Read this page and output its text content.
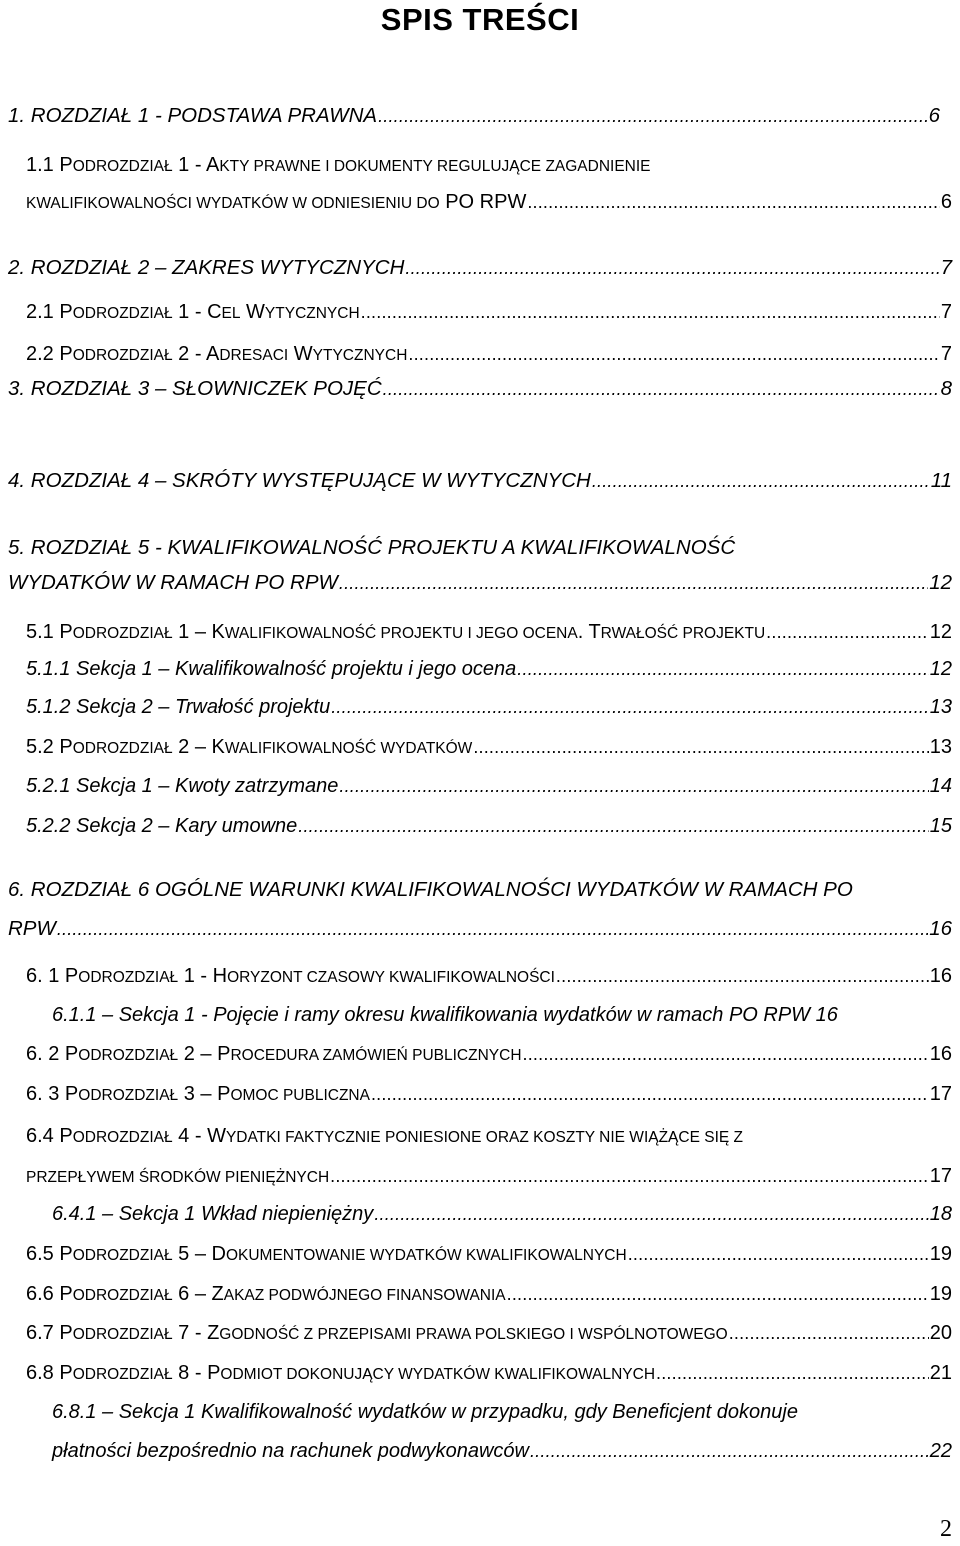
SPIS TREŚCI
1. ROZDZIAŁ 1 - PODSTAWA PRAWNA .....	6
1.1 PODROZDZIAŁ 1 - AKTY PRAWNE I DOKUMENTY REGULUJĄCE ZAGADNIENIE
KWALIFIKOWALNOŚCI WYDATKÓW W ODNIESIENIU DO PO RPW .....	6
2. ROZDZIAŁ 2 – ZAKRES WYTYCZNYCH .....	7
2.1 PODROZDZIAŁ 1 - CEL WYTYCZNYCH .....	7
2.2 PODROZDZIAŁ 2 - ADRESACI WYTYCZNYCH .....	7
3. ROZDZIAŁ 3 – SŁOWNICZEK POJĘĆ .....	8
4. ROZDZIAŁ 4 – SKRÓTY WYSTĘPUJĄCE W WYTYCZNYCH .....	11
5. ROZDZIAŁ 5 - KWALIFIKOWALNOŚĆ PROJEKTU A KWALIFIKOWALNOŚĆ
WYDATKÓW W RAMACH PO RPW .....	12
5.1 PODROZDZIAŁ 1 – KWALIFIKOWALNOŚĆ PROJEKTU I JEGO OCENA. TRWAŁOŚĆ PROJEKTU .....	12
5.1.1 Sekcja 1 – Kwalifikowalność projektu i jego ocena .....	12
5.1.2 Sekcja 2 – Trwałość projektu .....	13
5.2 PODROZDZIAŁ 2 – KWALIFIKOWALNOŚĆ WYDATKÓW .....	13
5.2.1 Sekcja 1 – Kwoty zatrzymane .....	14
5.2.2 Sekcja 2 – Kary umowne .....	15
6. ROZDZIAŁ 6 OGÓLNE WARUNKI KWALIFIKOWALNOŚCI WYDATKÓW W RAMACH PO
RPW .....	16
6. 1 PODROZDZIAŁ 1 - HORYZONT CZASOWY KWALIFIKOWALNOŚCI .....	16
6.1.1 – Sekcja 1 - Pojęcie i ramy okresu kwalifikowania wydatków w ramach PO RPW 16
6. 2 PODROZDZIAŁ 2 – PROCEDURA ZAMÓWIEŃ PUBLICZNYCH .....	16
6. 3 PODROZDZIAŁ 3 – POMOC PUBLICZNA .....	17
6.4 PODROZDZIAŁ 4 - WYDATKI FAKTYCZNIE PONIESIONE ORAZ KOSZTY NIE WIĄŻĄCE SIĘ Z
PRZEPŁYWEM ŚRODKÓW PIENIĘŻNYCH .....	17
6.4.1 – Sekcja 1 Wkład niepieniężny .....	18
6.5 PODROZDZIAŁ 5 – DOKUMENTOWANIE WYDATKÓW KWALIFIKOWALNYCH .....	19
6.6 PODROZDZIAŁ 6 – ZAKAZ PODWÓJNEGO FINANSOWANIA .....	19
6.7 PODROZDZIAŁ 7 - ZGODNOŚĆ Z PRZEPISAMI PRAWA POLSKIEGO I WSPÓLNOTOWEGO .....	20
6.8 PODROZDZIAŁ 8 - PODMIOT DOKONUJĄCY WYDATKÓW KWALIFIKOWALNYCH .....	21
6.8.1 – Sekcja 1 Kwalifikowalność wydatków w przypadku, gdy Beneficjent dokonuje
płatności bezpośrednio na rachunek podwykonawców .....	22
2
